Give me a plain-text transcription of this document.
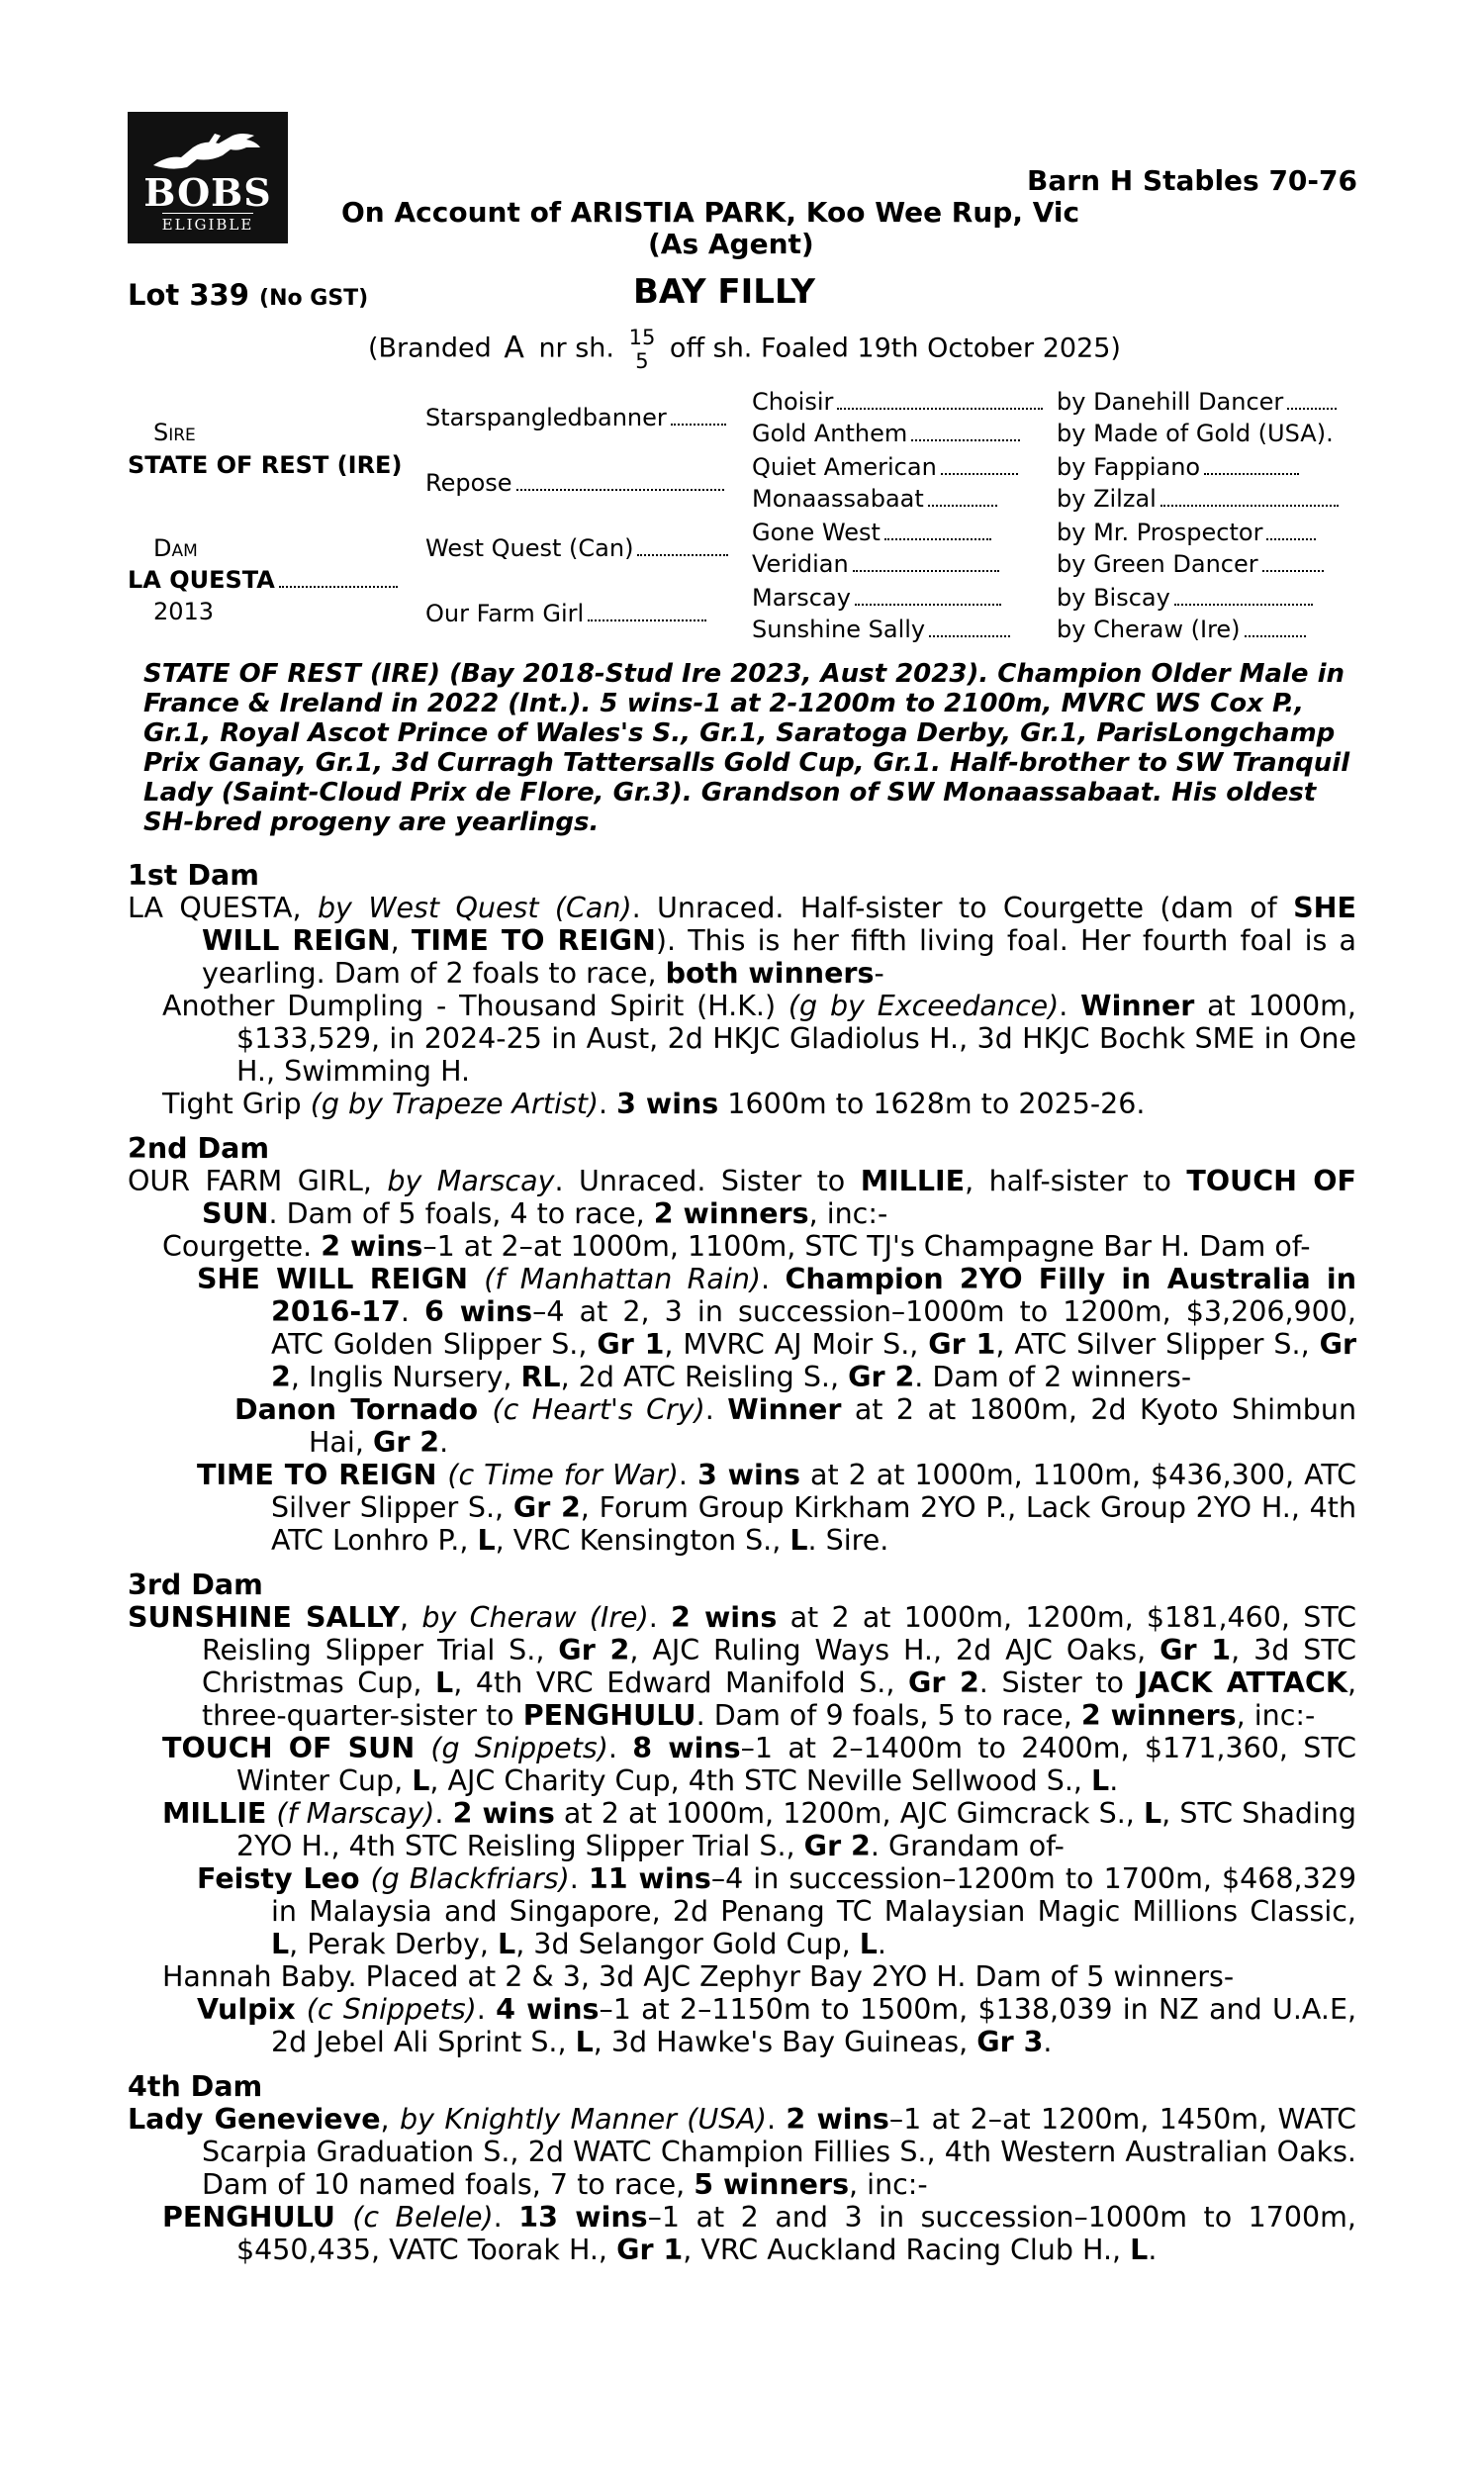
BOBS
ELIGIBLE
Barn H Stables 70-76
On Account of ARISTIA PARK, Koo Wee Rup, Vic
(As Agent)
Lot 339 (No GST)	BAY FILLY
(Branded A nr sh. 15
5 off sh. Foaled 19th October 2025)
Sire
STATE OF REST (IRE)
Dam
LA QUESTA
2013
Starspangledbanner
Repose
West Quest (Can)
Our Farm Girl
Choisir
Gold Anthem
Quiet American
Monaassabaat
Gone West
Veridian
Marscay
Sunshine Sally
by Danehill Dancer
by Made of Gold (USA).
by Fappiano
by Zilzal
by Mr. Prospector
by Green Dancer
by Biscay
by Cheraw (Ire)
STATE OF REST (IRE) (Bay 2018-Stud Ire 2023, Aust 2023). Champion Older Male in France & Ireland in 2022 (Int.). 5 wins-1 at 2-1200m to 2100m, MVRC WS Cox P., Gr.1, Royal Ascot Prince of Wales's S., Gr.1, Saratoga Derby, Gr.1, ParisLongchamp Prix Ganay, Gr.1, 3d Curragh Tattersalls Gold Cup, Gr.1. Half-brother to SW Tranquil Lady (Saint-Cloud Prix de Flore, Gr.3). Grandson of SW Monaassabaat. His oldest SH-bred progeny are yearlings.
1st Dam
LA QUESTA, by West Quest (Can). Unraced. Half-sister to Courgette (dam of SHE WILL REIGN, TIME TO REIGN). This is her fifth living foal. Her fourth foal is a yearling. Dam of 2 foals to race, both winners-
Another Dumpling - Thousand Spirit (H.K.) (g by Exceedance). Winner at 1000m, $133,529, in 2024-25 in Aust, 2d HKJC Gladiolus H., 3d HKJC Bochk SME in One H., Swimming H.
Tight Grip (g by Trapeze Artist). 3 wins 1600m to 1628m to 2025-26.
2nd Dam
OUR FARM GIRL, by Marscay. Unraced. Sister to MILLIE, half-sister to TOUCH OF SUN. Dam of 5 foals, 4 to race, 2 winners, inc:-
Courgette. 2 wins–1 at 2–at 1000m, 1100m, STC TJ's Champagne Bar H. Dam of-
SHE WILL REIGN (f Manhattan Rain). Champion 2YO Filly in Australia in 2016-17. 6 wins–4 at 2, 3 in succession–1000m to 1200m, $3,206,900, ATC Golden Slipper S., Gr 1, MVRC AJ Moir S., Gr 1, ATC Silver Slipper S., Gr 2, Inglis Nursery, RL, 2d ATC Reisling S., Gr 2. Dam of 2 winners-
Danon Tornado (c Heart's Cry). Winner at 2 at 1800m, 2d Kyoto Shimbun Hai, Gr 2.
TIME TO REIGN (c Time for War). 3 wins at 2 at 1000m, 1100m, $436,300, ATC Silver Slipper S., Gr 2, Forum Group Kirkham 2YO P., Lack Group 2YO H., 4th ATC Lonhro P., L, VRC Kensington S., L. Sire.
3rd Dam
SUNSHINE SALLY, by Cheraw (Ire). 2 wins at 2 at 1000m, 1200m, $181,460, STC Reisling Slipper Trial S., Gr 2, AJC Ruling Ways H., 2d AJC Oaks, Gr 1, 3d STC Christmas Cup, L, 4th VRC Edward Manifold S., Gr 2. Sister to JACK ATTACK, three-quarter-sister to PENGHULU. Dam of 9 foals, 5 to race, 2 winners, inc:-
TOUCH OF SUN (g Snippets). 8 wins–1 at 2–1400m to 2400m, $171,360, STC Winter Cup, L, AJC Charity Cup, 4th STC Neville Sellwood S., L.
MILLIE (f Marscay). 2 wins at 2 at 1000m, 1200m, AJC Gimcrack S., L, STC Shading 2YO H., 4th STC Reisling Slipper Trial S., Gr 2. Grandam of-
Feisty Leo (g Blackfriars). 11 wins–4 in succession–1200m to 1700m, $468,329 in Malaysia and Singapore, 2d Penang TC Malaysian Magic Millions Classic, L, Perak Derby, L, 3d Selangor Gold Cup, L.
Hannah Baby. Placed at 2 & 3, 3d AJC Zephyr Bay 2YO H. Dam of 5 winners-
Vulpix (c Snippets). 4 wins–1 at 2–1150m to 1500m, $138,039 in NZ and U.A.E, 2d Jebel Ali Sprint S., L, 3d Hawke's Bay Guineas, Gr 3.
4th Dam
Lady Genevieve, by Knightly Manner (USA). 2 wins–1 at 2–at 1200m, 1450m, WATC Scarpia Graduation S., 2d WATC Champion Fillies S., 4th Western Australian Oaks. Dam of 10 named foals, 7 to race, 5 winners, inc:-
PENGHULU (c Belele). 13 wins–1 at 2 and 3 in succession–1000m to 1700m, $450,435, VATC Toorak H., Gr 1, VRC Auckland Racing Club H., L.
